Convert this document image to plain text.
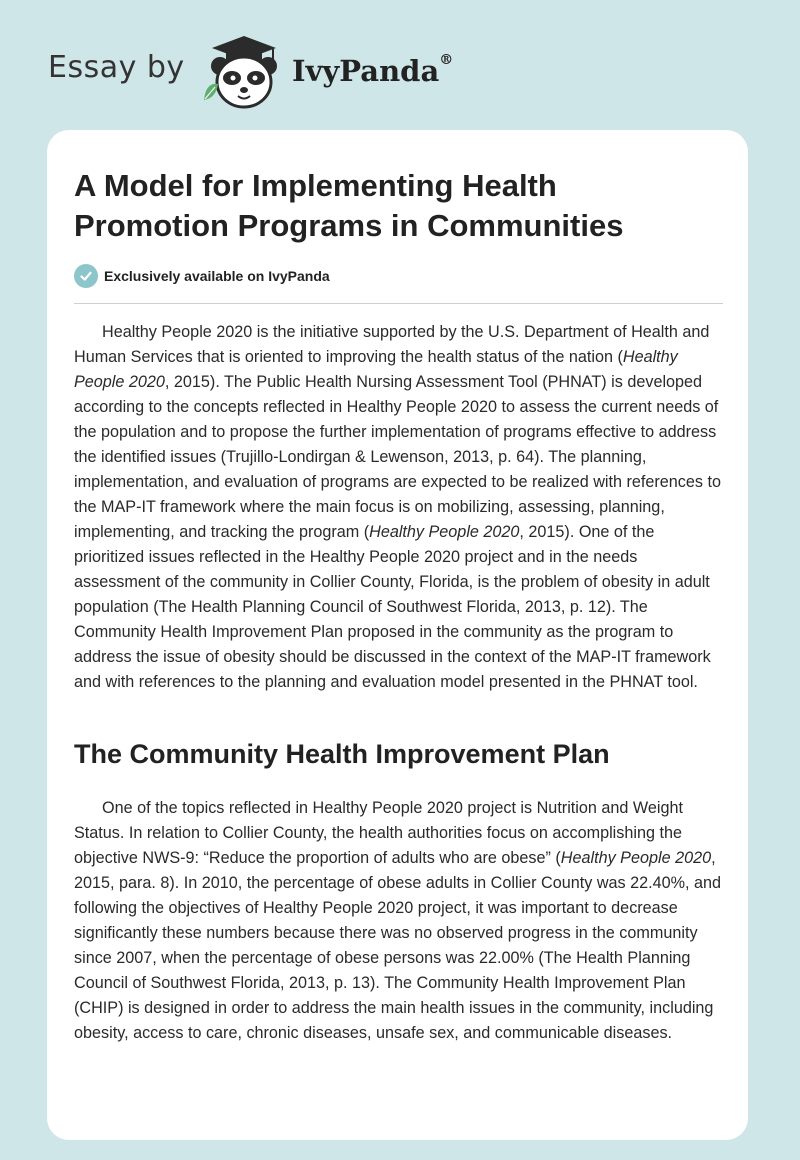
Essay by	IvyPanda®
A Model for Implementing Health Promotion Programs in Communities
Exclusively available on IvyPanda

Healthy People 2020 is the initiative supported by the U.S. Department of Health and Human Services that is oriented to improving the health status of the nation (Healthy People 2020, 2015). The Public Health Nursing Assessment Tool (PHNAT) is developed according to the concepts reflected in Healthy People 2020 to assess the current needs of the population and to propose the further implementation of programs effective to address the identified issues (Trujillo-Londirgan & Lewenson, 2013, p. 64). The planning, implementation, and evaluation of programs are expected to be realized with references to the MAP-IT framework where the main focus is on mobilizing, assessing, planning, implementing, and tracking the program (Healthy People 2020, 2015). One of the prioritized issues reflected in the Healthy People 2020 project and in the needs assessment of the community in Collier County, Florida, is the problem of obesity in adult population (The Health Planning Council of Southwest Florida, 2013, p. 12). The Community Health Improvement Plan proposed in the community as the program to address the issue of obesity should be discussed in the context of the MAP-IT framework and with references to the planning and evaluation model presented in the PHNAT tool.

The Community Health Improvement Plan

One of the topics reflected in Healthy People 2020 project is Nutrition and Weight Status. In relation to Collier County, the health authorities focus on accomplishing the objective NWS-9: “Reduce the proportion of adults who are obese” (Healthy People 2020, 2015, para. 8). In 2010, the percentage of obese adults in Collier County was 22.40%, and following the objectives of Healthy People 2020 project, it was important to decrease significantly these numbers because there was no observed progress in the community since 2007, when the percentage of obese persons was 22.00% (The Health Planning Council of Southwest Florida, 2013, p. 13). The Community Health Improvement Plan (CHIP) is designed in order to address the main health issues in the community, including obesity, access to care, chronic diseases, unsafe sex, and communicable diseases.
